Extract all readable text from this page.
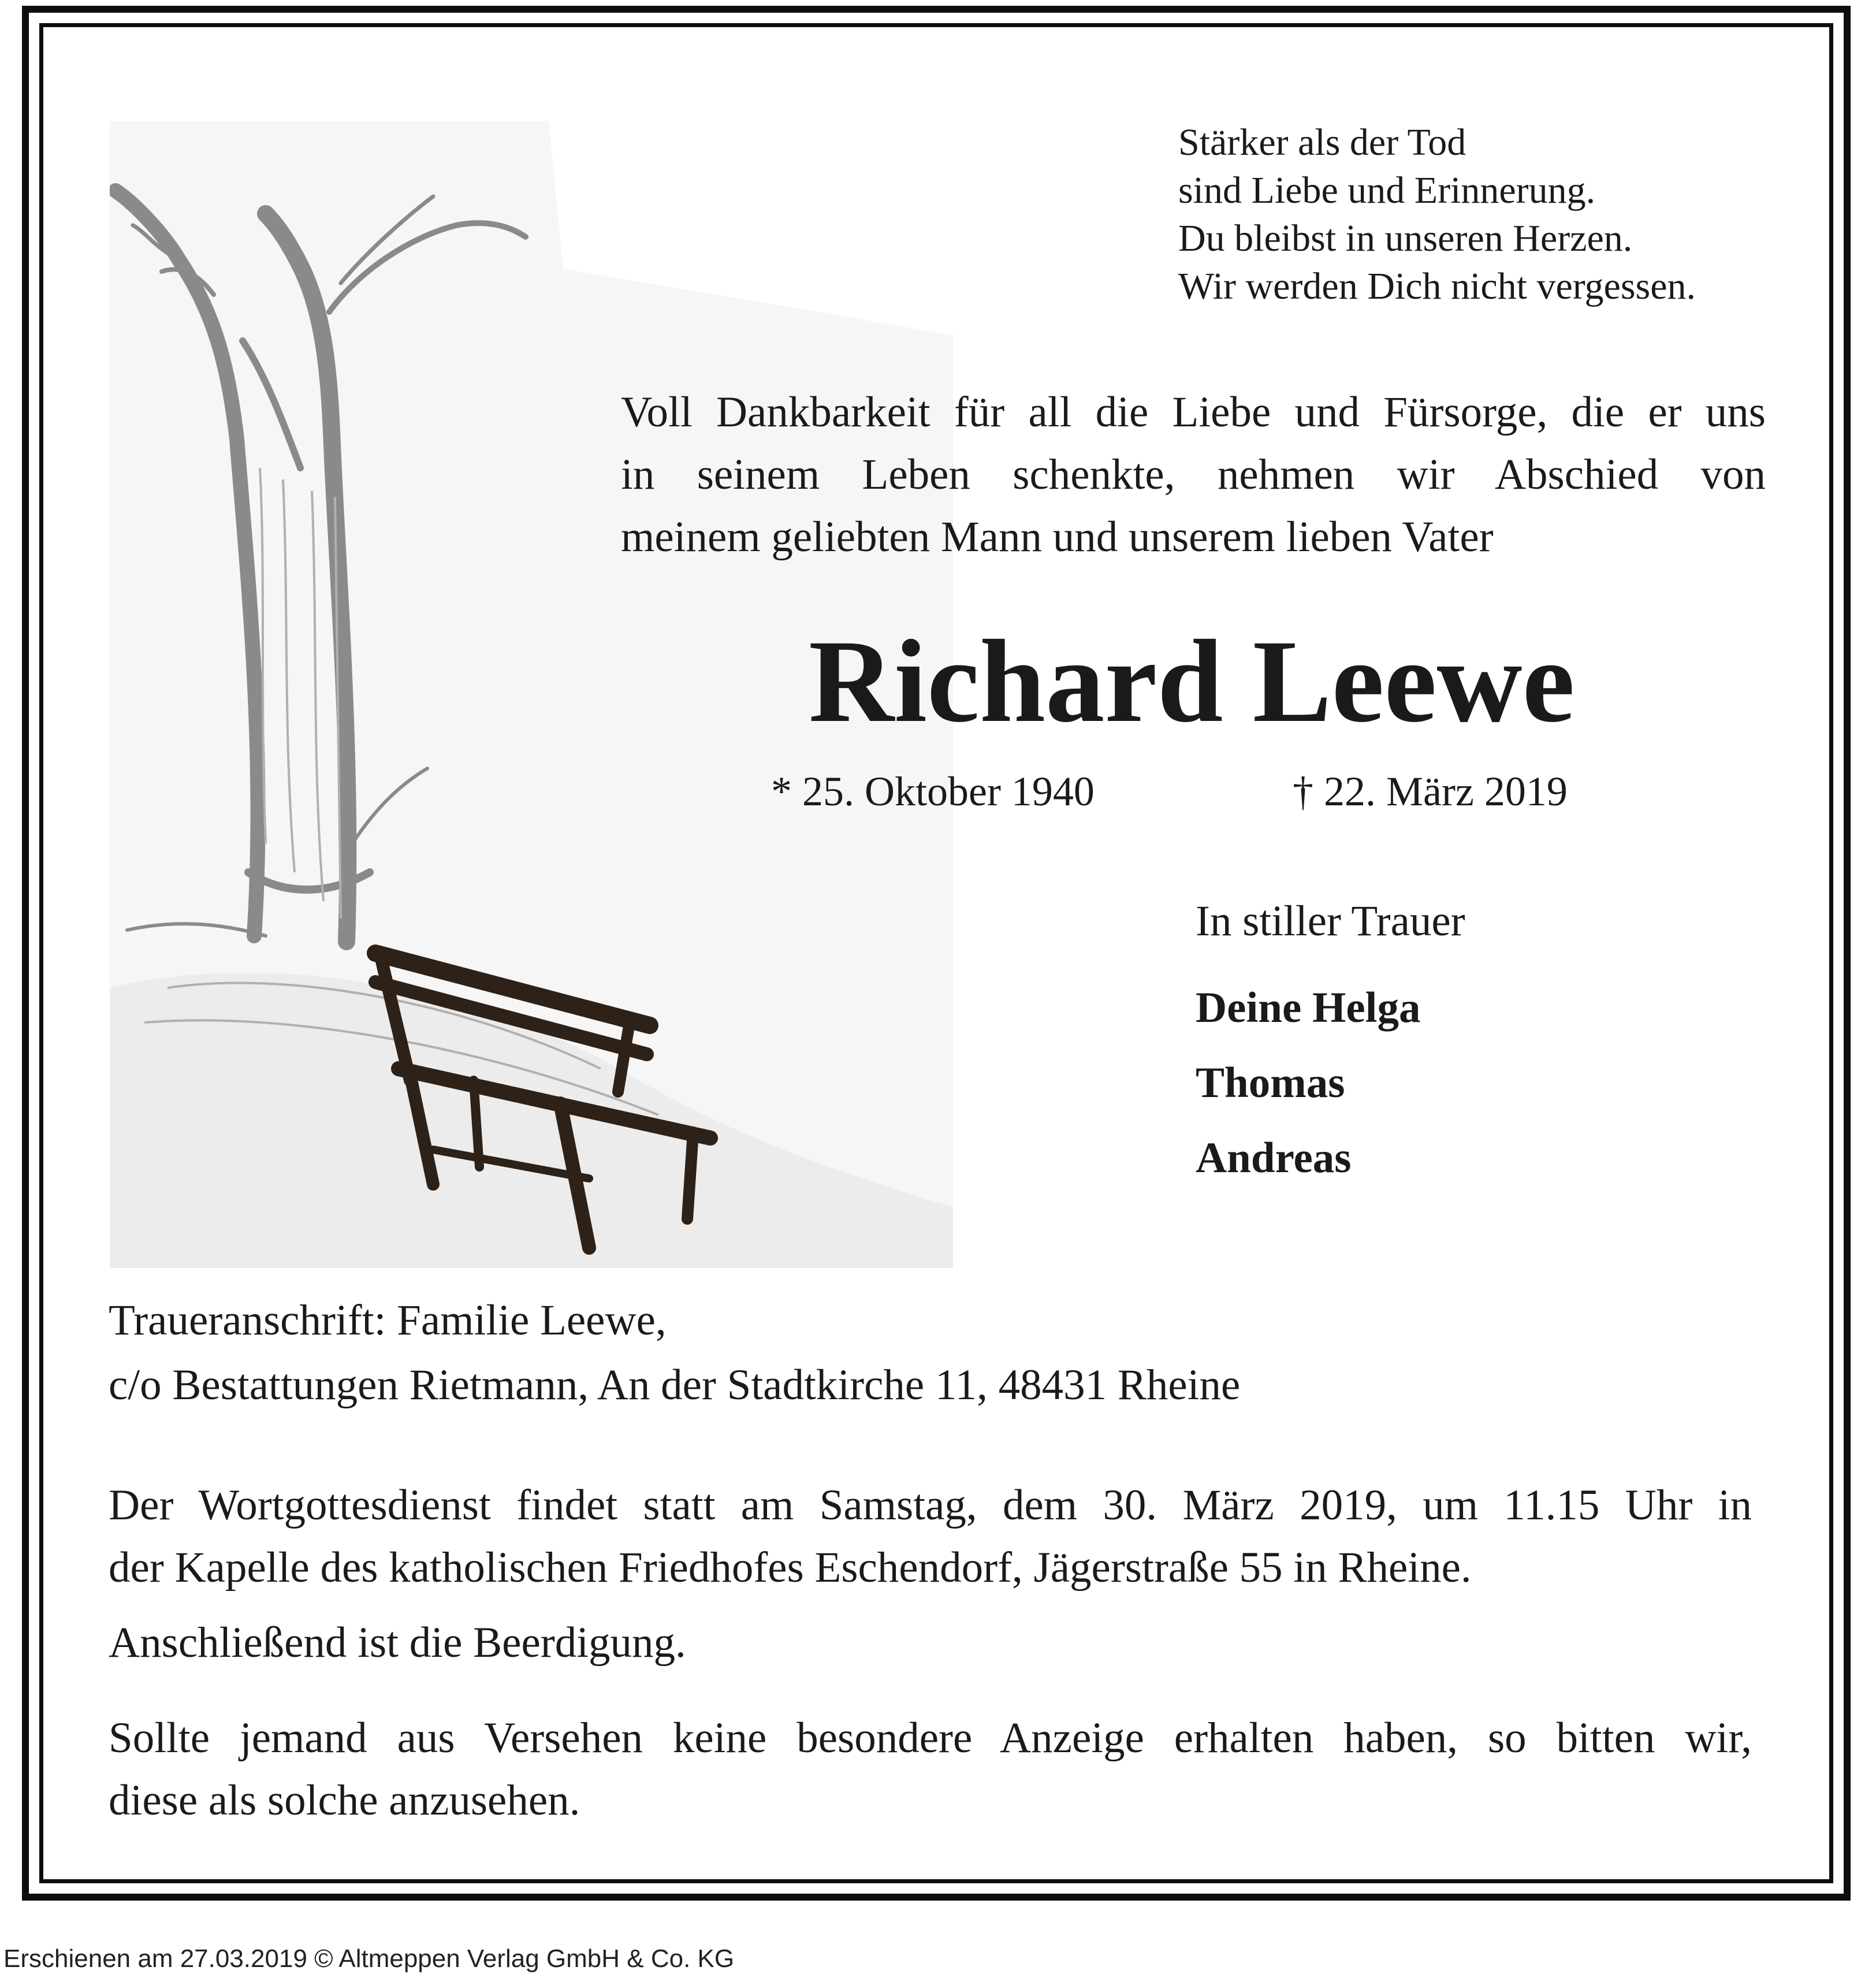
Stärker als der Tod
sind Liebe und Erinnerung.
Du bleibst in unseren Herzen.
Wir werden Dich nicht vergessen.
Voll Dankbarkeit für all die Liebe und Fürsorge, die er uns
in seinem Leben schenkte, nehmen wir Abschied von
meinem geliebten Mann und unserem lieben Vater
Richard Leewe
* 25. Oktober 1940	† 22. März 2019
In stiller Trauer
Deine Helga
Thomas
Andreas
Traueranschrift: Familie Leewe,
c/o Bestattungen Rietmann, An der Stadtkirche 11, 48431 Rheine
Der Wortgottesdienst findet statt am Samstag, dem 30. März 2019, um 11.15 Uhr in
der Kapelle des katholischen Friedhofes Eschendorf, Jägerstraße 55 in Rheine.
Anschließend ist die Beerdigung.
Sollte jemand aus Versehen keine besondere Anzeige erhalten haben, so bitten wir,
diese als solche anzusehen.
Erschienen am 27.03.2019 © Altmeppen Verlag GmbH & Co. KG
